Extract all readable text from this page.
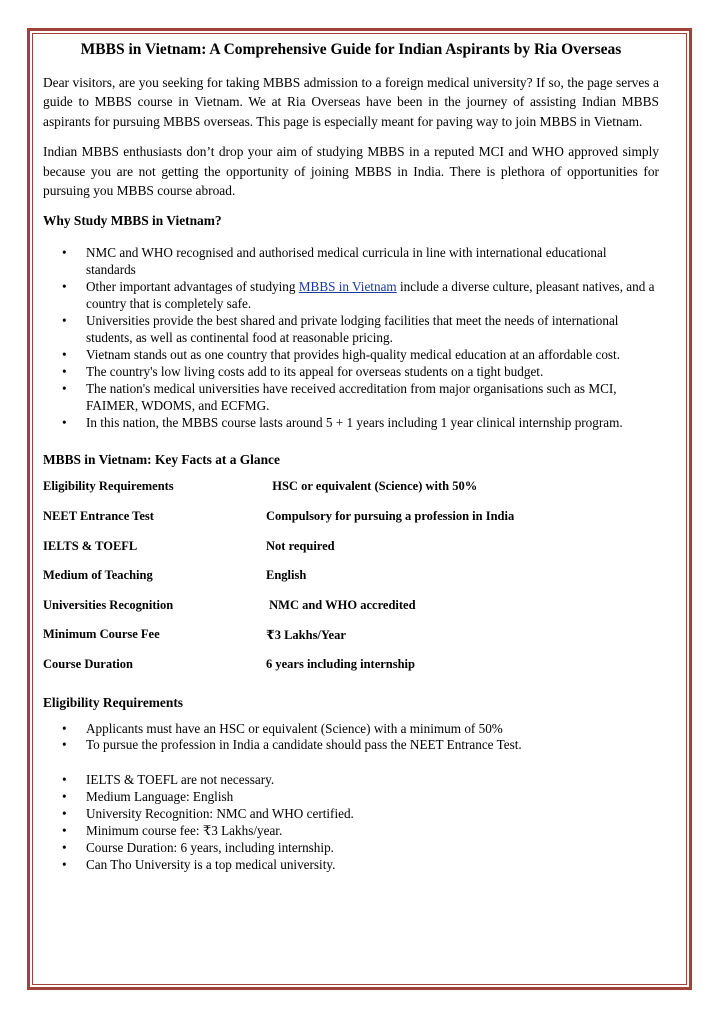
MBBS in Vietnam: A Comprehensive Guide for Indian Aspirants by Ria Overseas

Dear visitors, are you seeking for taking MBBS admission to a foreign medical university? If so, the page serves a guide to MBBS course in Vietnam. We at Ria Overseas have been in the journey of assisting Indian MBBS aspirants for pursuing MBBS overseas. This page is especially meant for paving way to join MBBS in Vietnam.

Indian MBBS enthusiasts don’t drop your aim of studying MBBS in a reputed MCI and WHO approved simply because you are not getting the opportunity of joining MBBS in India. There is plethora of opportunities for pursuing you MBBS course abroad.

Why Study MBBS in Vietnam?
• NMC and WHO recognised and authorised medical curricula in line with international educational standards
• Other important advantages of studying MBBS in Vietnam include a diverse culture, pleasant natives, and a country that is completely safe.
• Universities provide the best shared and private lodging facilities that meet the needs of international students, as well as continental food at reasonable pricing.
• Vietnam stands out as one country that provides high-quality medical education at an affordable cost.
• The country's low living costs add to its appeal for overseas students on a tight budget.
• The nation's medical universities have received accreditation from major organisations such as MCI, FAIMER, WDOMS, and ECFMG.
• In this nation, the MBBS course lasts around 5 + 1 years including 1 year clinical internship program.
MBBS in Vietnam: Key Facts at a Glance
Eligibility Requirements	HSC or equivalent (Science) with 50%
NEET Entrance Test	Compulsory for pursuing a profession in India
IELTS & TOEFL	Not required
Medium of Teaching	English
Universities Recognition	NMC and WHO accredited
Minimum Course Fee	₹3 Lakhs/Year
Course Duration	6 years including internship
Eligibility Requirements
• Applicants must have an HSC or equivalent (Science) with a minimum of 50%
• To pursue the profession in India a candidate should pass the NEET Entrance Test.
• IELTS & TOEFL are not necessary.
• Medium Language: English
• University Recognition: NMC and WHO certified.
• Minimum course fee: ₹3 Lakhs/year.
• Course Duration: 6 years, including internship.
• Can Tho University is a top medical university.
